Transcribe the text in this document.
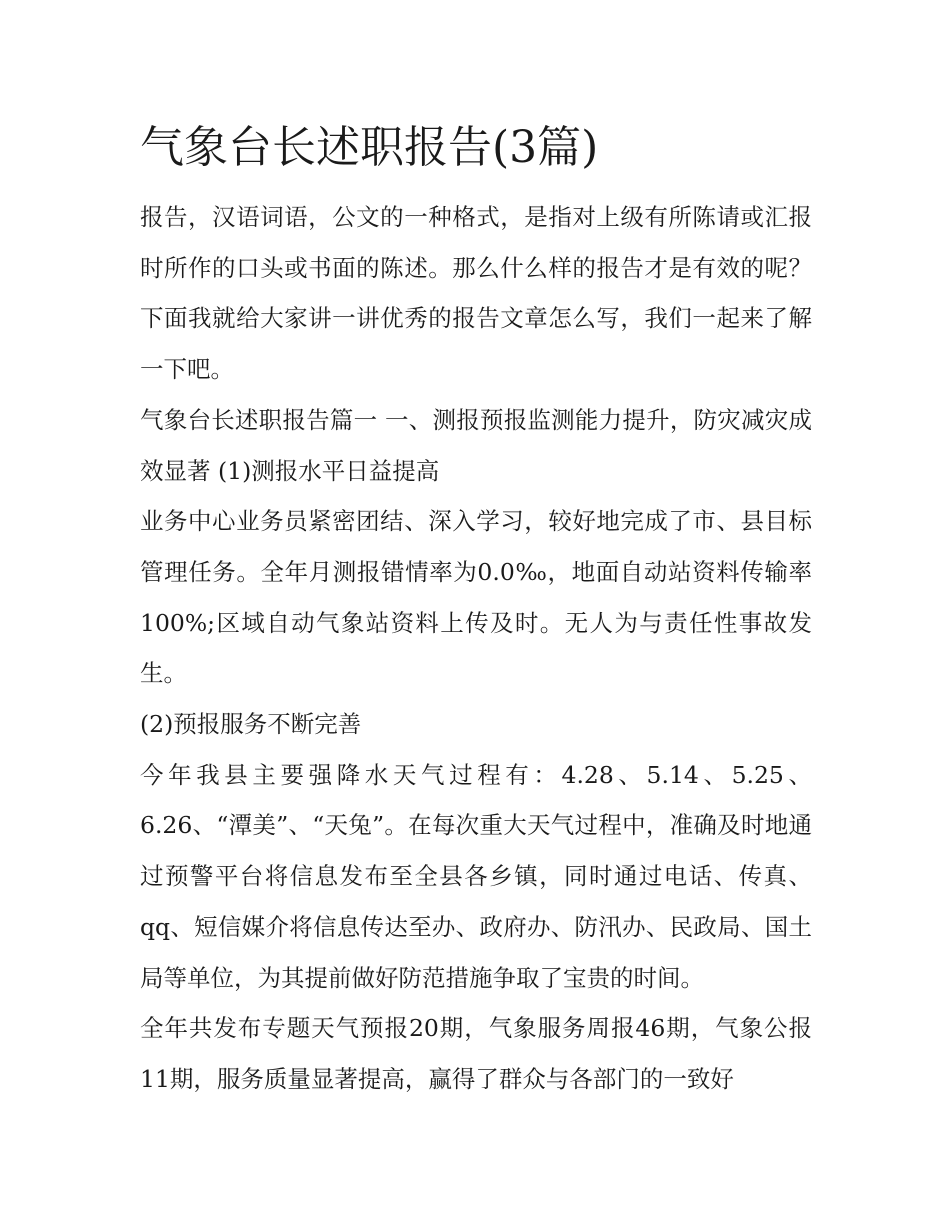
气象台长述职报告(3篇)

报告，汉语词语，公文的一种格式，是指对上级有所陈请或汇报时所作的口头或书面的陈述。那么什么样的报告才是有效的呢？下面我就给大家讲一讲优秀的报告文章怎么写，我们一起来了解一下吧。

气象台长述职报告篇一 一、测报预报监测能力提升，防灾减灾成效显著 (1)测报水平日益提高

业务中心业务员紧密团结、深入学习，较好地完成了市、县目标管理任务。全年月测报错情率为0.0‰，地面自动站资料传输率100%;区域自动气象站资料上传及时。无人为与责任性事故发生。

(2)预报服务不断完善

今年我县主要强降水天气过程有：4.28、5.14、5.25、6.26、“潭美”、“天兔”。在每次重大天气过程中，准确及时地通过预警平台将信息发布至全县各乡镇，同时通过电话、传真、qq、短信媒介将信息传达至办、政府办、防汛办、民政局、国土局等单位，为其提前做好防范措施争取了宝贵的时间。

全年共发布专题天气预报20期，气象服务周报46期，气象公报11期，服务质量显著提高，赢得了群众与各部门的一致好
